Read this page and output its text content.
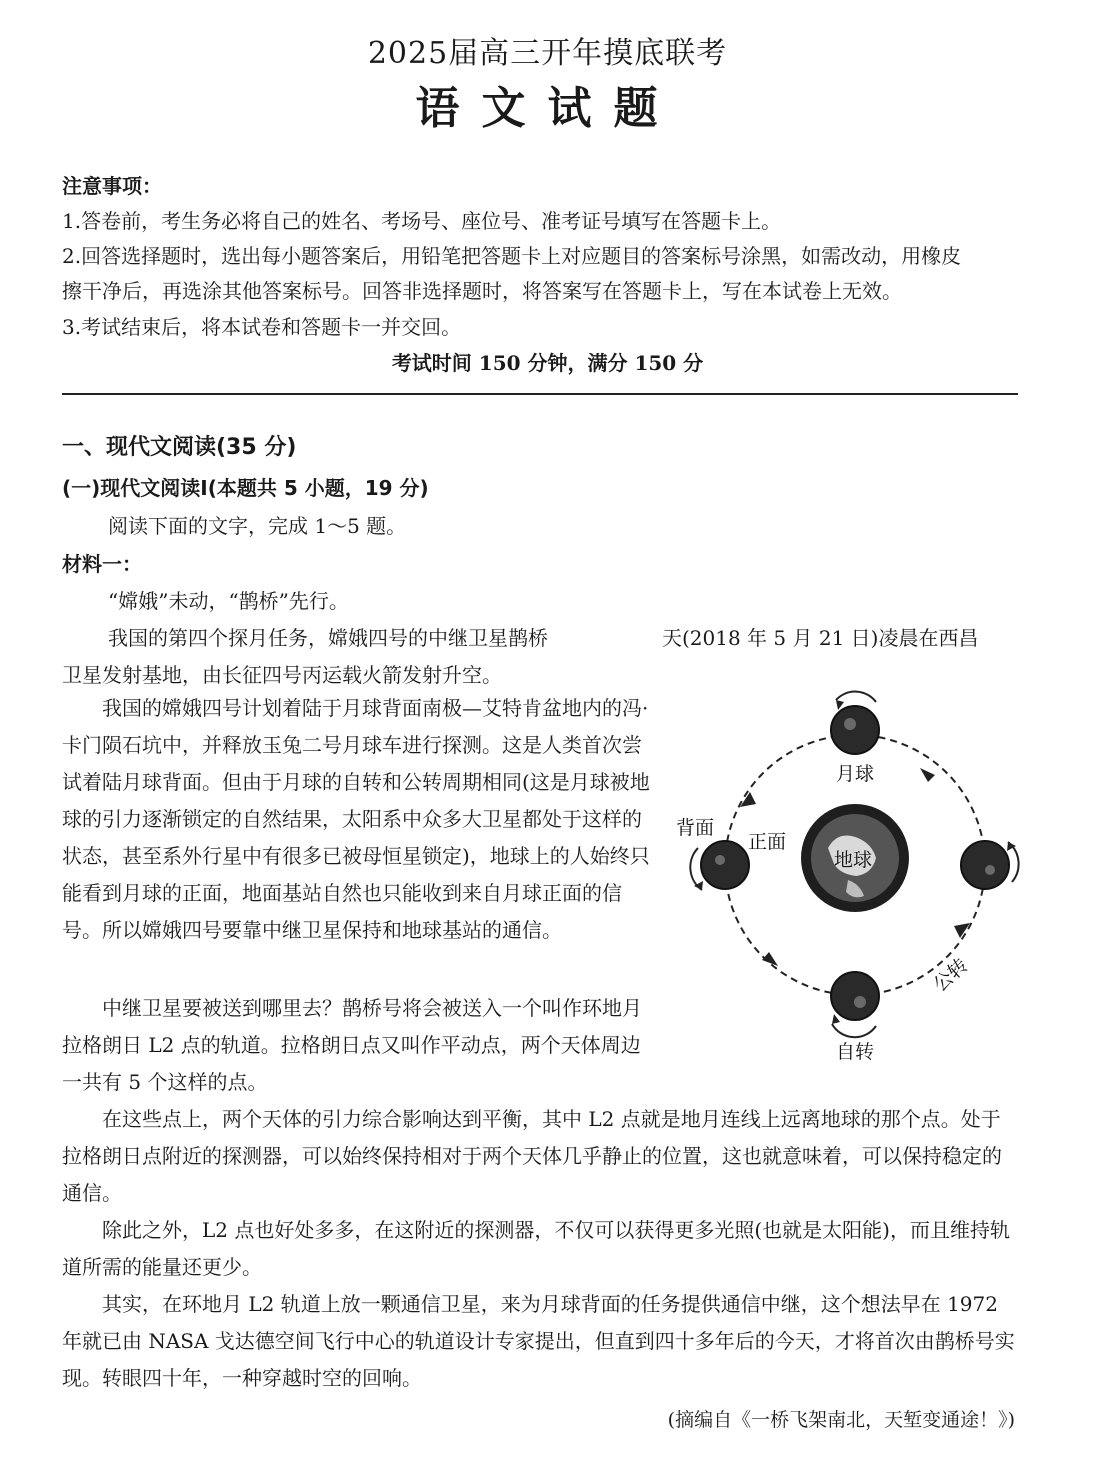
2025届高三开年摸底联考
语文试题
注意事项：
1.答卷前，考生务必将自己的姓名、考场号、座位号、准考证号填写在答题卡上。
2.回答选择题时，选出每小题答案后，用铅笔把答题卡上对应题目的答案标号涂黑，如需改动，用橡皮
擦干净后，再选涂其他答案标号。回答非选择题时，将答案写在答题卡上，写在本试卷上无效。
3.考试结束后，将本试卷和答题卡一并交回。
考试时间 150 分钟，满分 150 分
一、现代文阅读(35 分)
(一)现代文阅读Ⅰ(本题共 5 小题，19 分)
阅读下面的文字，完成 1～5 题。
材料一：
“嫦娥”未动，“鹊桥”先行。
我国的第四个探月任务，嫦娥四号的中继卫星鹊桥	天(2018 年 5 月 21 日)凌晨在西昌
卫星发射基地，由长征四号丙运载火箭发射升空。
我国的嫦娥四号计划着陆于月球背面南极—艾特肯盆地内的冯·卡门陨石坑中，并释放玉兔二号月球车进行探测。这是人类首次尝试着陆月球背面。但由于月球的自转和公转周期相同(这是月球被地球的引力逐渐锁定的自然结果，太阳系中众多大卫星都处于这样的状态，甚至系外行星中有很多已被母恒星锁定)，地球上的人始终只能看到月球的正面，地面基站自然也只能收到来自月球正面的信号。所以嫦娥四号要靠中继卫星保持和地球基站的通信。
中继卫星要被送到哪里去？鹊桥号将会被送入一个叫作环地月拉格朗日 L2 点的轨道。拉格朗日点又叫作平动点，两个天体周边一共有 5 个这样的点。
在这些点上，两个天体的引力综合影响达到平衡，其中 L2 点就是地月连线上远离地球的那个点。处于拉格朗日点附近的探测器，可以始终保持相对于两个天体几乎静止的位置，这也就意味着，可以保持稳定的通信。
除此之外，L2 点也好处多多，在这附近的探测器，不仅可以获得更多光照(也就是太阳能)，而且维持轨道所需的能量还更少。
其实，在环地月 L2 轨道上放一颗通信卫星，来为月球背面的任务提供通信中继，这个想法早在 1972 年就已由 NASA 戈达德空间飞行中心的轨道设计专家提出，但直到四十多年后的今天，才将首次由鹊桥号实现。转眼四十年，一种穿越时空的回响。
(摘编自《一桥飞架南北，天堑变通途！》)
地球
月球
背面
正面
自转
公转
